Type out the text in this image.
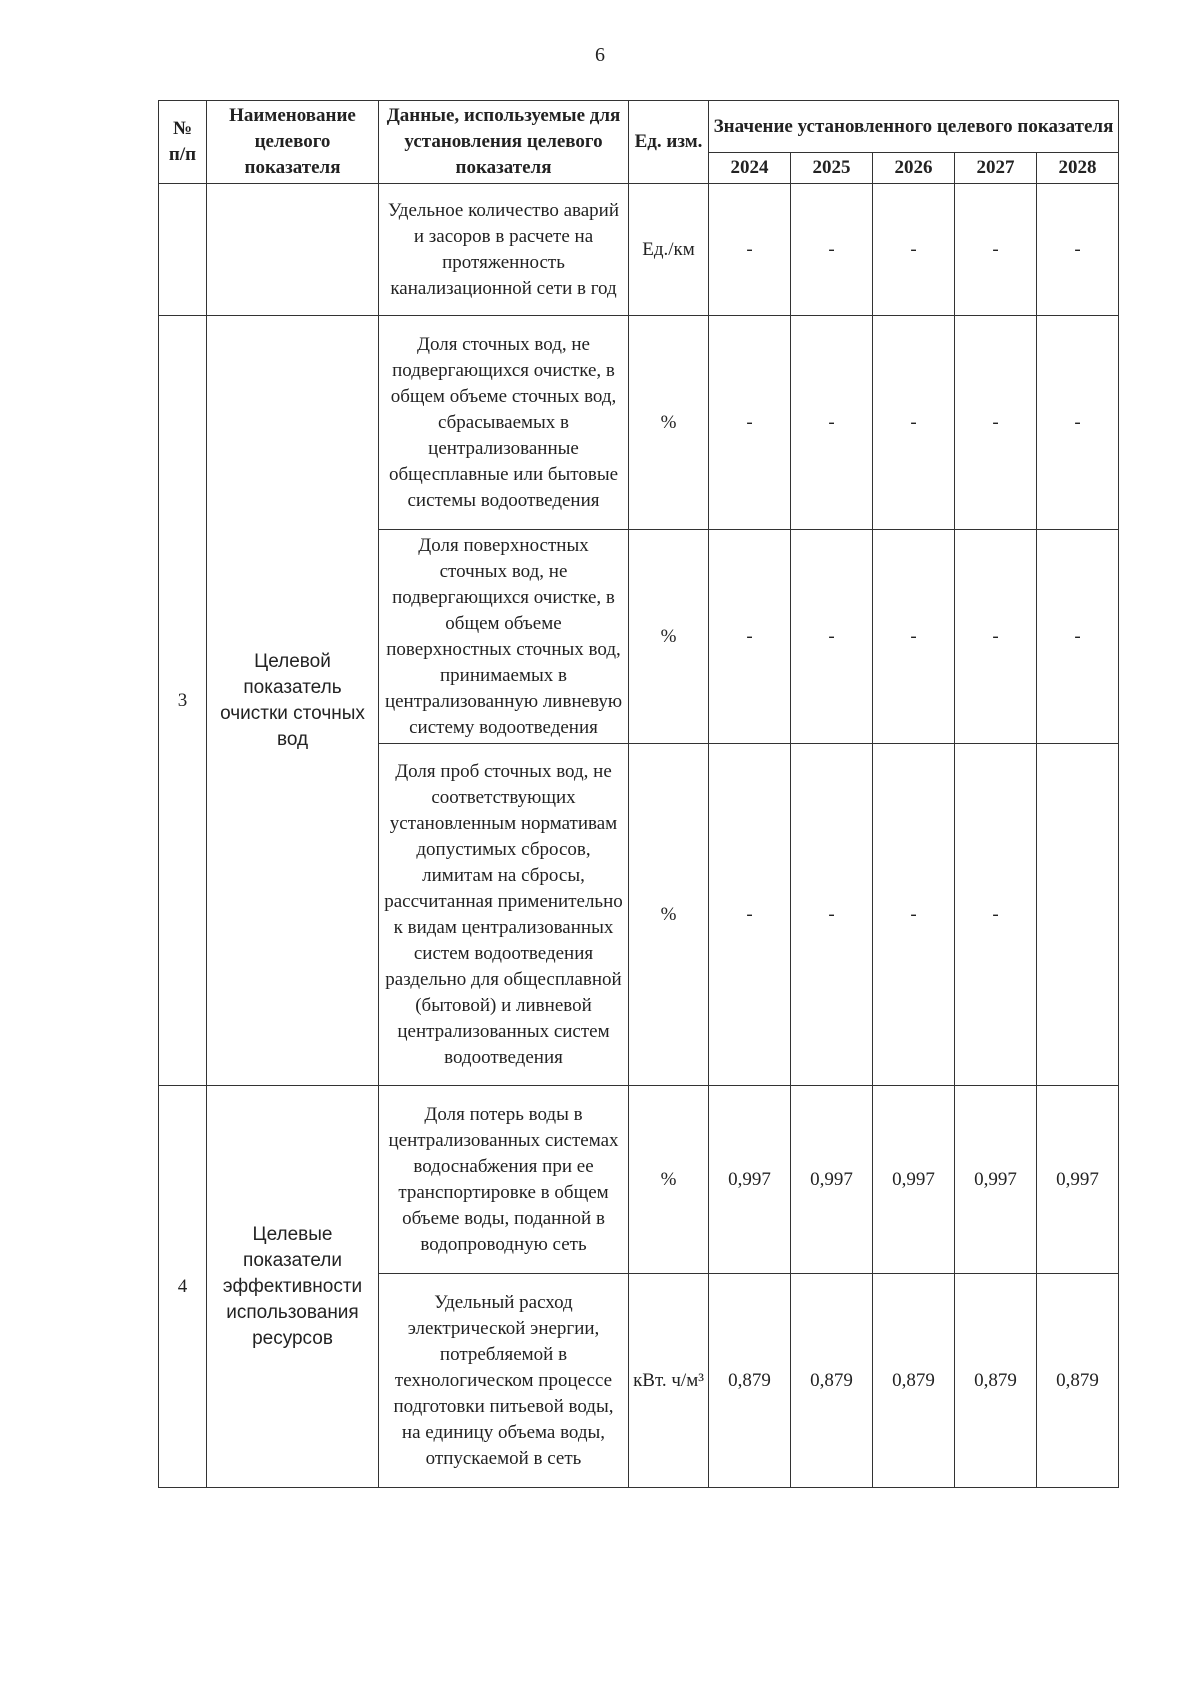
6
№ п/п	Наименование целевого показателя	Данные, используемые для установления целевого показателя	Ед. изм.	Значение установленного целевого показателя				
				2024	2025	2026	2027	2028
		Удельное количество аварий и засоров в расчете на протяженность канализационной сети в год	Ед./км	-	-	-	-	-
3	Целевой показатель очистки сточных вод	Доля сточных вод, не подвергающихся очистке, в общем объеме сточных вод, сбрасываемых в централизованные общесплавные или бытовые системы водоотведения	%	-	-	-	-	-
		Доля поверхностных сточных вод, не подвергающихся очистке, в общем объеме поверхностных сточных вод, принимаемых в централизованную ливневую систему водоотведения	%	-	-	-	-	-
		Доля проб сточных вод, не соответствующих установленным нормативам допустимых сбросов, лимитам на сбросы, рассчитанная применительно к видам централизованных систем водоотведения раздельно для общесплавной (бытовой) и ливневой централизованных систем водоотведения	%	-	-	-	-	
4	Целевые показатели эффективности использования ресурсов	Доля потерь воды в централизованных системах водоснабжения при ее транспортировке в общем объеме воды, поданной в водопроводную сеть	%	0,997	0,997	0,997	0,997	0,997
		Удельный расход электрической энергии, потребляемой в технологическом процессе подготовки питьевой воды, на единицу объема воды, отпускаемой в сеть	кВт. ч/м³	0,879	0,879	0,879	0,879	0,879
